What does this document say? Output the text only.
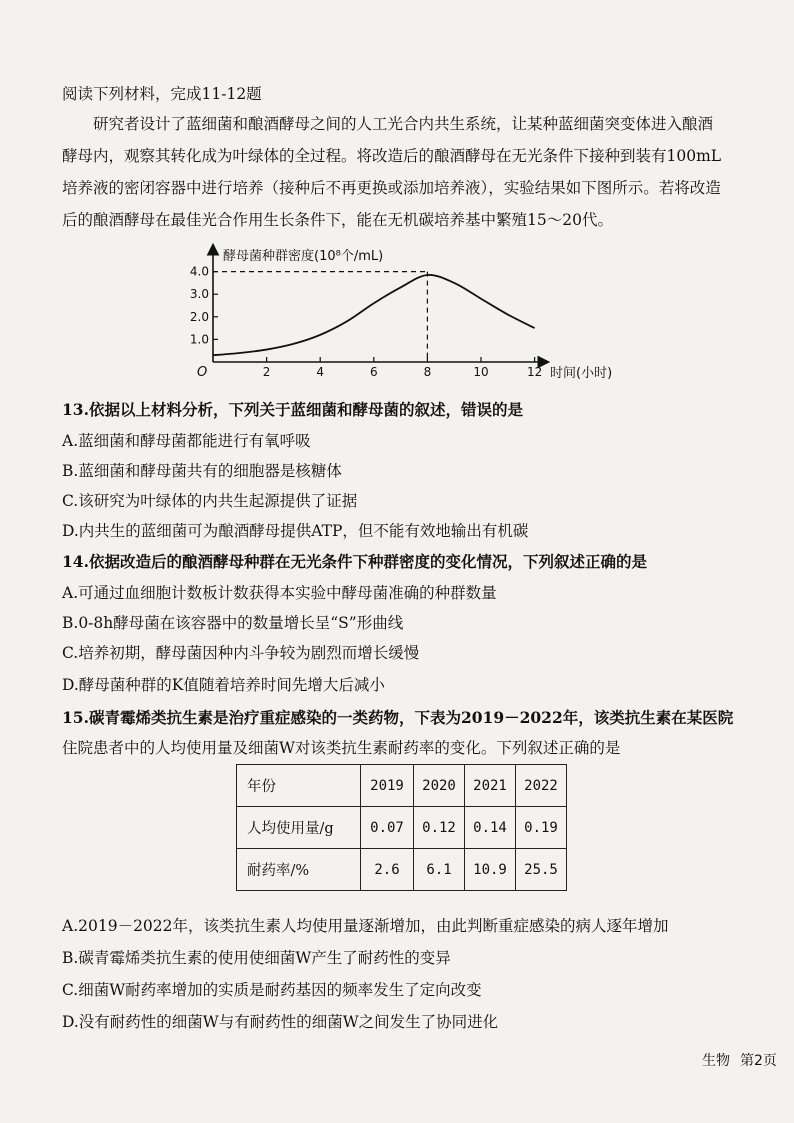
阅读下列材料，完成11-12题
研究者设计了蓝细菌和酿酒酵母之间的人工光合内共生系统，让某种蓝细菌突变体进入酿酒
酵母内，观察其转化成为叶绿体的全过程。将改造后的酿酒酵母在无光条件下接种到装有100mL
培养液的密闭容器中进行培养（接种后不再更换或添加培养液），实验结果如下图所示。若将改造
后的酿酒酵母在最佳光合作用生长条件下，能在无机碳培养基中繁殖15～20代。
酵母菌种群密度(10⁸个/mL)
时间(小时)
O
1.0
2.0
3.0
4.0
2	4	6	8	10	12
13.依据以上材料分析，下列关于蓝细菌和酵母菌的叙述，错误的是
A.蓝细菌和酵母菌都能进行有氧呼吸
B.蓝细菌和酵母菌共有的细胞器是核糖体
C.该研究为叶绿体的内共生起源提供了证据
D.内共生的蓝细菌可为酿酒酵母提供ATP，但不能有效地输出有机碳
14.依据改造后的酿酒酵母种群在无光条件下种群密度的变化情况，下列叙述正确的是
A.可通过血细胞计数板计数获得本实验中酵母菌准确的种群数量
B.0-8h酵母菌在该容器中的数量增长呈“S”形曲线
C.培养初期，酵母菌因种内斗争较为剧烈而增长缓慢
D.酵母菌种群的K值随着培养时间先增大后减小
15.碳青霉烯类抗生素是治疗重症感染的一类药物，下表为2019－2022年，该类抗生素在某医院
住院患者中的人均使用量及细菌W对该类抗生素耐药率的变化。下列叙述正确的是
年份	2019	2020	2021	2022
人均使用量/g	0.07	0.12	0.14	0.19
耐药率/%	2.6	6.1	10.9	25.5
A.2019－2022年，该类抗生素人均使用量逐渐增加，由此判断重症感染的病人逐年增加
B.碳青霉烯类抗生素的使用使细菌W产生了耐药性的变异
C.细菌W耐药率增加的实质是耐药基因的频率发生了定向改变
D.没有耐药性的细菌W与有耐药性的细菌W之间发生了协同进化
生物 第2页
